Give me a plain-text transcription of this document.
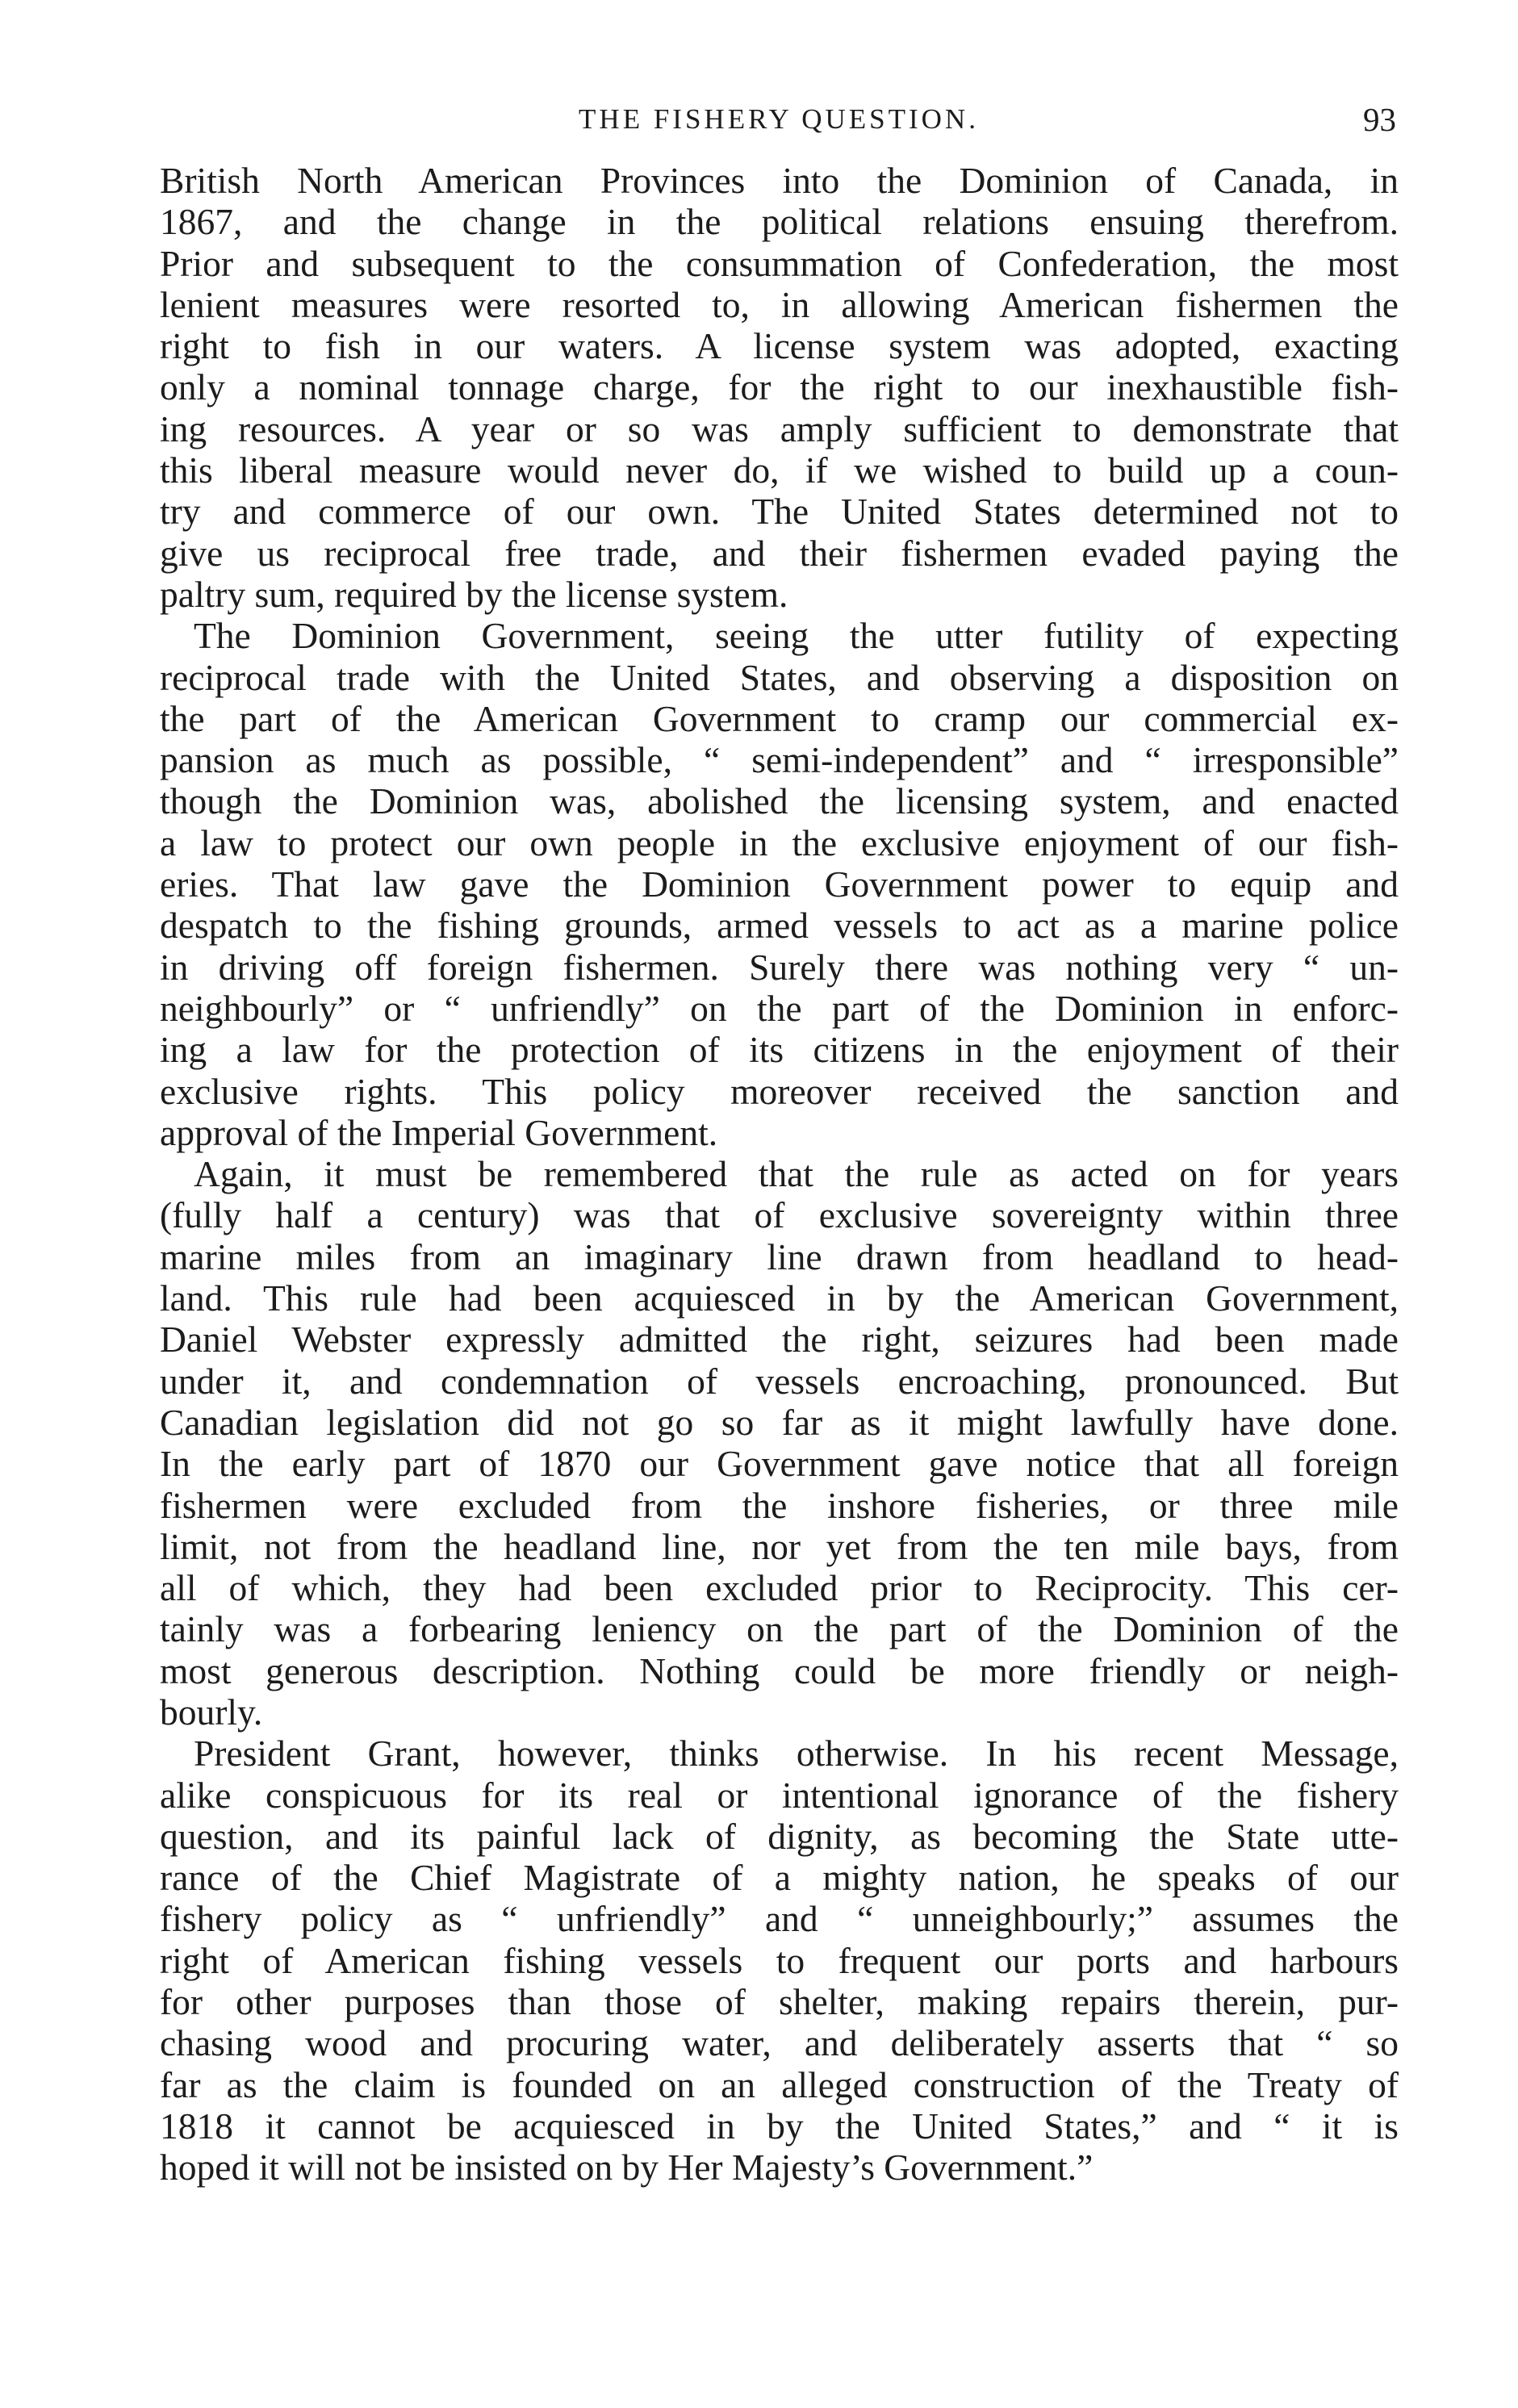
THE FISHERY QUESTION.	93
British North American Provinces into the Dominion of Canada, in
1867, and the change in the political relations ensuing therefrom.
Prior and subsequent to the consummation of Confederation, the most
lenient measures were resorted to, in allowing American fishermen the
right to fish in our waters. A license system was adopted, exacting
only a nominal tonnage charge, for the right to our inexhaustible fish-
ing resources. A year or so was amply sufficient to demonstrate that
this liberal measure would never do, if we wished to build up a coun-
try and commerce of our own. The United States determined not to
give us reciprocal free trade, and their fishermen evaded paying the
paltry sum, required by the license system.
The Dominion Government, seeing the utter futility of expecting
reciprocal trade with the United States, and observing a disposition on
the part of the American Government to cramp our commercial ex-
pansion as much as possible, “ semi-independent” and “ irresponsible”
though the Dominion was, abolished the licensing system, and enacted
a law to protect our own people in the exclusive enjoyment of our fish-
eries. That law gave the Dominion Government power to equip and
despatch to the fishing grounds, armed vessels to act as a marine police
in driving off foreign fishermen. Surely there was nothing very “ un-
neighbourly” or “ unfriendly” on the part of the Dominion in enforc-
ing a law for the protection of its citizens in the enjoyment of their
exclusive rights. This policy moreover received the sanction and
approval of the Imperial Government.
Again, it must be remembered that the rule as acted on for years
(fully half a century) was that of exclusive sovereignty within three
marine miles from an imaginary line drawn from headland to head-
land. This rule had been acquiesced in by the American Government,
Daniel Webster expressly admitted the right, seizures had been made
under it, and condemnation of vessels encroaching, pronounced. But
Canadian legislation did not go so far as it might lawfully have done.
In the early part of 1870 our Government gave notice that all foreign
fishermen were excluded from the inshore fisheries, or three mile
limit, not from the headland line, nor yet from the ten mile bays, from
all of which, they had been excluded prior to Reciprocity. This cer-
tainly was a forbearing leniency on the part of the Dominion of the
most generous description. Nothing could be more friendly or neigh-
bourly.
President Grant, however, thinks otherwise. In his recent Message,
alike conspicuous for its real or intentional ignorance of the fishery
question, and its painful lack of dignity, as becoming the State utte-
rance of the Chief Magistrate of a mighty nation, he speaks of our
fishery policy as “ unfriendly” and “ unneighbourly;” assumes the
right of American fishing vessels to frequent our ports and harbours
for other purposes than those of shelter, making repairs therein, pur-
chasing wood and procuring water, and deliberately asserts that “ so
far as the claim is founded on an alleged construction of the Treaty of
1818 it cannot be acquiesced in by the United States,” and “ it is
hoped it will not be insisted on by Her Majesty’s Government.”
